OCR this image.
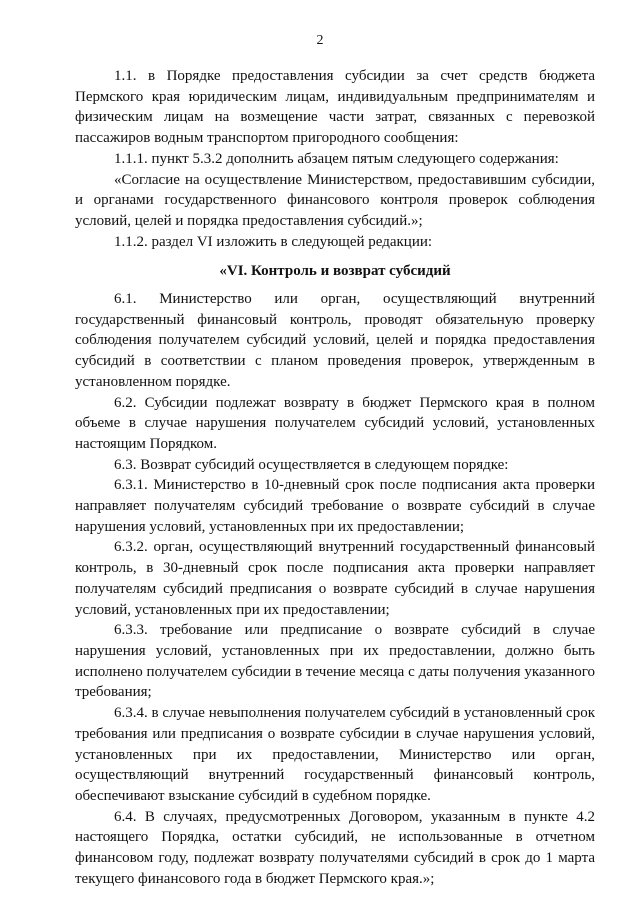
2

1.1. в Порядке предоставления субсидии за счет средств бюджета Пермского края юридическим лицам, индивидуальным предпринимателям и физическим лицам на возмещение части затрат, связанных с перевозкой пассажиров водным транспортом пригородного сообщения:

1.1.1. пункт 5.3.2 дополнить абзацем пятым следующего содержания:

«Согласие на осуществление Министерством, предоставившим субсидии, и органами государственного финансового контроля проверок соблюдения условий, целей и порядка предоставления субсидий.»;

1.1.2. раздел VI изложить в следующей редакции:

«VI. Контроль и возврат субсидий

6.1. Министерство или орган, осуществляющий внутренний государственный финансовый контроль, проводят обязательную проверку соблюдения получателем субсидий условий, целей и порядка предоставления субсидий в соответствии с планом проведения проверок, утвержденным в установленном порядке.

6.2. Субсидии подлежат возврату в бюджет Пермского края в полном объеме в случае нарушения получателем субсидий условий, установленных настоящим Порядком.

6.3. Возврат субсидий осуществляется в следующем порядке:

6.3.1. Министерство в 10-дневный срок после подписания акта проверки направляет получателям субсидий требование о возврате субсидий в случае нарушения условий, установленных при их предоставлении;

6.3.2. орган, осуществляющий внутренний государственный финансовый контроль, в 30-дневный срок после подписания акта проверки направляет получателям субсидий предписания о возврате субсидий в случае нарушения условий, установленных при их предоставлении;

6.3.3. требование или предписание о возврате субсидий в случае нарушения условий, установленных при их предоставлении, должно быть исполнено получателем субсидии в течение месяца с даты получения указанного требования;

6.3.4. в случае невыполнения получателем субсидий в установленный срок требования или предписания о возврате субсидии в случае нарушения условий, установленных при их предоставлении, Министерство или орган, осуществляющий внутренний государственный финансовый контроль, обеспечивают взыскание субсидий в судебном порядке.

6.4. В случаях, предусмотренных Договором, указанным в пункте 4.2 настоящего Порядка, остатки субсидий, не использованные в отчетном финансовом году, подлежат возврату получателями субсидий в срок до 1 марта текущего финансового года в бюджет Пермского края.»;
